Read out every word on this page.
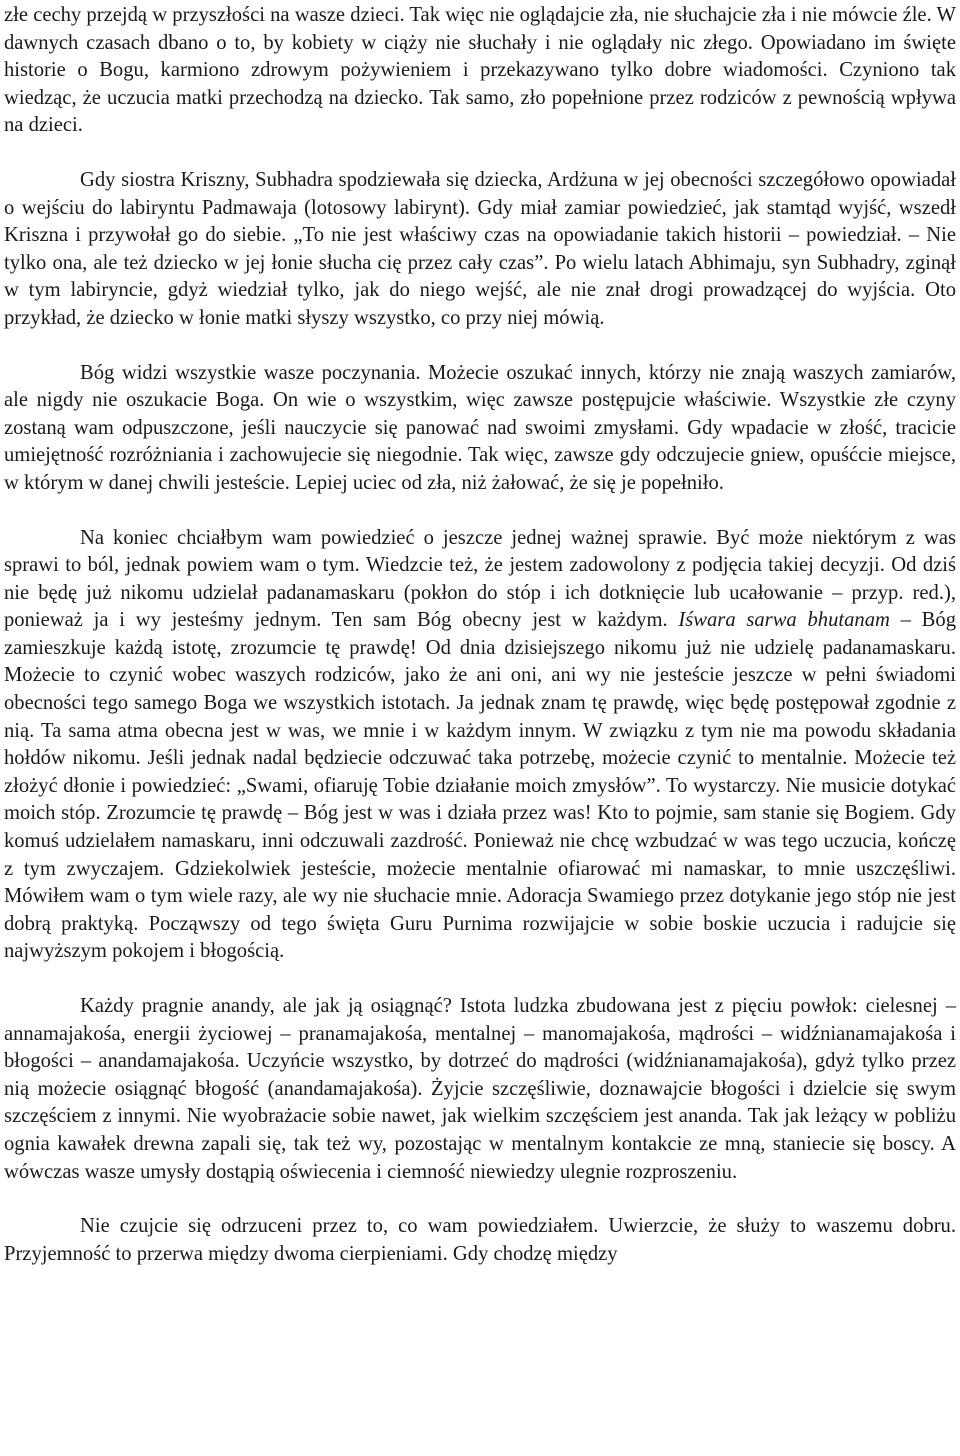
złe cechy przejdą w przyszłości na wasze dzieci. Tak więc nie oglądajcie zła, nie słuchajcie zła i nie mówcie źle. W dawnych czasach dbano o to, by kobiety w ciąży nie słuchały i nie oglądały nic złego. Opowiadano im święte historie o Bogu, karmiono zdrowym pożywieniem i przekazywano tylko dobre wiadomości. Czyniono tak wiedząc, że uczucia matki przechodzą na dziecko. Tak samo, zło popełnione przez rodziców z pewnością wpływa na dzieci.

Gdy siostra Kriszny, Subhadra spodziewała się dziecka, Ardżuna w jej obecności szczegółowo opowiadał o wejściu do labiryntu Padmawaja (lotosowy labirynt). Gdy miał zamiar powiedzieć, jak stamtąd wyjść, wszedł Kriszna i przywołał go do siebie. „To nie jest właściwy czas na opowiadanie takich historii – powiedział. – Nie tylko ona, ale też dziecko w jej łonie słucha cię przez cały czas”. Po wielu latach Abhimaju, syn Subhadry, zginął w tym labiryncie, gdyż wiedział tylko, jak do niego wejść, ale nie znał drogi prowadzącej do wyjścia. Oto przykład, że dziecko w łonie matki słyszy wszystko, co przy niej mówią.

Bóg widzi wszystkie wasze poczynania. Możecie oszukać innych, którzy nie znają waszych zamiarów, ale nigdy nie oszukacie Boga. On wie o wszystkim, więc zawsze postępujcie właściwie. Wszystkie złe czyny zostaną wam odpuszczone, jeśli nauczycie się panować nad swoimi zmysłami. Gdy wpadacie w złość, tracicie umiejętność rozróżniania i zachowujecie się niegodnie. Tak więc, zawsze gdy odczujecie gniew, opuśćcie miejsce, w którym w danej chwili jesteście. Lepiej uciec od zła, niż żałować, że się je popełniło.

Na koniec chciałbym wam powiedzieć o jeszcze jednej ważnej sprawie. Być może niektórym z was sprawi to ból, jednak powiem wam o tym. Wiedzcie też, że jestem zadowolony z podjęcia takiej decyzji. Od dziś nie będę już nikomu udzielał padanamaskaru (pokłon do stóp i ich dotknięcie lub ucałowanie – przyp. red.), ponieważ ja i wy jesteśmy jednym. Ten sam Bóg obecny jest w każdym. Iśwara sarwa bhutanam – Bóg zamieszkuje każdą istotę, zrozumcie tę prawdę! Od dnia dzisiejszego nikomu już nie udzielę padanamaskaru. Możecie to czynić wobec waszych rodziców, jako że ani oni, ani wy nie jesteście jeszcze w pełni świadomi obecności tego samego Boga we wszystkich istotach. Ja jednak znam tę prawdę, więc będę postępował zgodnie z nią. Ta sama atma obecna jest w was, we mnie i w każdym innym. W związku z tym nie ma powodu składania hołdów nikomu. Jeśli jednak nadal będziecie odczuwać taka potrzebę, możecie czynić to mentalnie. Możecie też złożyć dłonie i powiedzieć: „Swami, ofiaruję Tobie działanie moich zmysłów”. To wystarczy. Nie musicie dotykać moich stóp. Zrozumcie tę prawdę – Bóg jest w was i działa przez was! Kto to pojmie, sam stanie się Bogiem. Gdy komuś udzielałem namaskaru, inni odczuwali zazdrość. Ponieważ nie chcę wzbudzać w was tego uczucia, kończę z tym zwyczajem. Gdziekolwiek jesteście, możecie mentalnie ofiarować mi namaskar, to mnie uszczęśliwi. Mówiłem wam o tym wiele razy, ale wy nie słuchacie mnie. Adoracja Swamiego przez dotykanie jego stóp nie jest dobrą praktyką. Począwszy od tego święta Guru Purnima rozwijajcie w sobie boskie uczucia i radujcie się najwyższym pokojem i błogością.

Każdy pragnie anandy, ale jak ją osiągnąć? Istota ludzka zbudowana jest z pięciu powłok: cielesnej – annamajakośa, energii życiowej – pranamajakośa, mentalnej – manomajakośa, mądrości – widźnianamajakośa i błogości – anandamajakośa. Uczyńcie wszystko, by dotrzeć do mądrości (widźnianamajakośa), gdyż tylko przez nią możecie osiągnąć błogość (anandamajakośa). Żyjcie szczęśliwie, doznawajcie błogości i dzielcie się swym szczęściem z innymi. Nie wyobrażacie sobie nawet, jak wielkim szczęściem jest ananda. Tak jak leżący w pobliżu ognia kawałek drewna zapali się, tak też wy, pozostając w mentalnym kontakcie ze mną, staniecie się boscy. A wówczas wasze umysły dostąpią oświecenia i ciemność niewiedzy ulegnie rozproszeniu.

Nie czujcie się odrzuceni przez to, co wam powiedziałem. Uwierzcie, że służy to waszemu dobru. Przyjemność to przerwa między dwoma cierpieniami. Gdy chodzę między
